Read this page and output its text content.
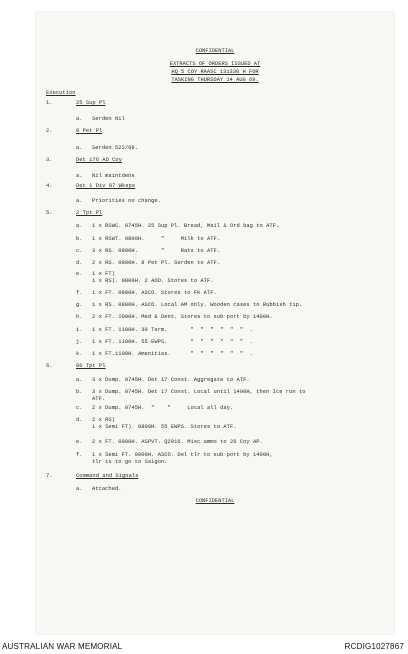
CONFIDENTIAL
EXTRACTS OF ORDERS ISSUED AT
HQ 5 COY RAASC 131330 H FOR
TASKING THURSDAY 14 AUG 69.
Execution
1.	25 Sup Pl
a. Serden Nil
2.	8 Pet Pl
a. Serden 522/69.
3.	Det 176 AD Coy
a. Nil maintdens
4.	Det 1 Div 87 Wksps
a. Priorities no change.
5.	2 Tpt Pl
a. 1 x RSWC. 0745H. 25 Sup Pl. Bread, Mail & Ord bag to ATF.
b. 1 x RSWT. 0800H.     "     Milk to ATF.
c. 3 x RS. 0800H.       "     Rats to ATF.
d. 2 x RS. 0800H. 8 Pet Pl. Serden to ATF.
e. 1 x FT)
1 x RS). 0800H. 2 AOD. Stores to ATF.
f. 1 x FT. 0800H. ASCO. Stores to FK ATF.
g. 1 x RS. 0800H. ASCO. Local AM only. Wooden cases to Rubbish tip.
h. 2 x FT. 1000H. Med & Dent. Stores to sub port by 1400H.
i. 1 x FT. 1100H. 30 Term.       "  "  "  "  "  "  .
j. 1 x FT. 1100H. 55 EWPS.       "  "  "  "  "  "  .
k. 1 x FT.1100H. Amenities.      "  "  "  "  "  "  .
6.	86 Tpt Pl
a. 3 x Dump. 0745H. Det 17 Const. Aggregate to ATF.
b. 3 x Dump. 0745H. Det 17 Const. Local until 1400H, then Ice run to
ATF.
c. 2 x Dump. 0745H.  "    "     Local all day.
d. 2 x RS)
1 x Semi FT). 0800H. 55 EWPS. Stores to ATF.
e. 2 x FT. 0800H. ASPVT. Q2016. Misc ammo to 26 Coy AP.
f. 1 x Semi FT. 0900H. ASCO. Del tlr to sub port by 1400H,
tlr is to go to Saigon.
7.	Command and Signals
a. Attached.
CONFIDENTIAL
AUSTRALIAN WAR MEMORIAL	RCDIG1027867
